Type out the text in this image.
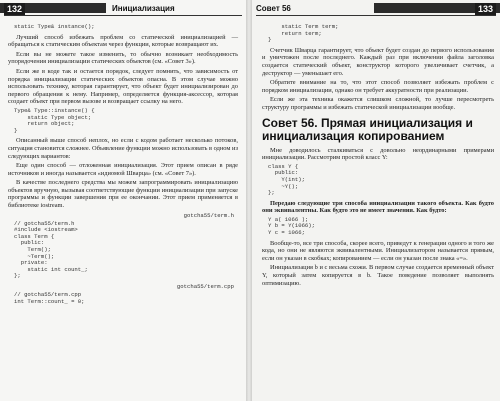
132	Инициализация
static Type& instance();

Лучший способ избежать проблем со статической инициализацией — обращаться к статическим объектам через функции, которые возвращают их.

Если вы не можете такое изменить, то обычно возникает необходимость упорядочения инициализации статических объектов (см. «Совет 3»).

Если же в коде так и остается порядок, следует помнить, что зависимость от порядка инициализации статических объектов опасна. В этом случае можно использовать технику, которая гарантирует, что объект будет инициализирован до первого обращения к нему. Например, определяется функция-аксессор, которая создает объект при первом вызове и возвращает ссылку на него.

Type& Type::instance() {
static Type object;
return object;
}

Описанный выше способ неплох, но если с кодом работает несколько потоков, ситуация становится сложнее. Объявление функции можно использовать в одном из следующих вариантов:

Еще один способ — отложенная инициализация. Этот прием описан в ряде источников и иногда называется «идиомой Шварца» (см. «Совет 7»).

В качестве последнего средства мы можем запрограммировать инициализацию объектов вручную, вызывая соответствующие функции инициализации при запуске программы и функции завершения при ее окончании. Этот прием применяется в библиотеке iostream.

gotcha55/term.h
// gotcha55/term.h
#include <iostream>
class Term {
public:
Term();
~Term();
private:
static int count_;
};
gotcha55/term.cpp
// gotcha55/term.cpp
int Term::count_ = 0;
Совет 56	133
static Term term;
return term;
}

Счетчик Шварца гарантирует, что объект будет создан до первого использования и уничтожен после последнего. Каждый раз при включении файла заголовка создается статический объект, конструктор которого увеличивает счетчик, а деструктор — уменьшает его.

Обратите внимание на то, что этот способ позволяет избежать проблем с порядком инициализации, однако он требует аккуратности при реализации.

Если же эта техника окажется слишком сложной, то лучше пересмотреть структуру программы и избежать статической инициализации вообще.

Совет 56. Прямая инициализация и инициализация копированием

Мне доводилось сталкиваться с довольно неординарными примерами инициализации. Рассмотрим простой класс Y:

class Y {
public:
Y(int);
~Y();
};

Передаю следующие три способа инициализации такого объекта. Как будто они эквивалентны. Как будто это не имеет значения. Как будто:

Y a( 1066 );
Y b = Y(1066);
Y c = 1066;

Вообще-то, все три способа, скорее всего, приведут к генерации одного и того же кода, но они не являются эквивалентными. Инициализатором называется прямым, если он указан в скобках; копированием — если он указан после знака «=».

Инициализация b и с весьма схожи. В первом случае создается временный объект Y, который затем копируется в b. Такое поведение позволяет выполнять оптимизацию.
